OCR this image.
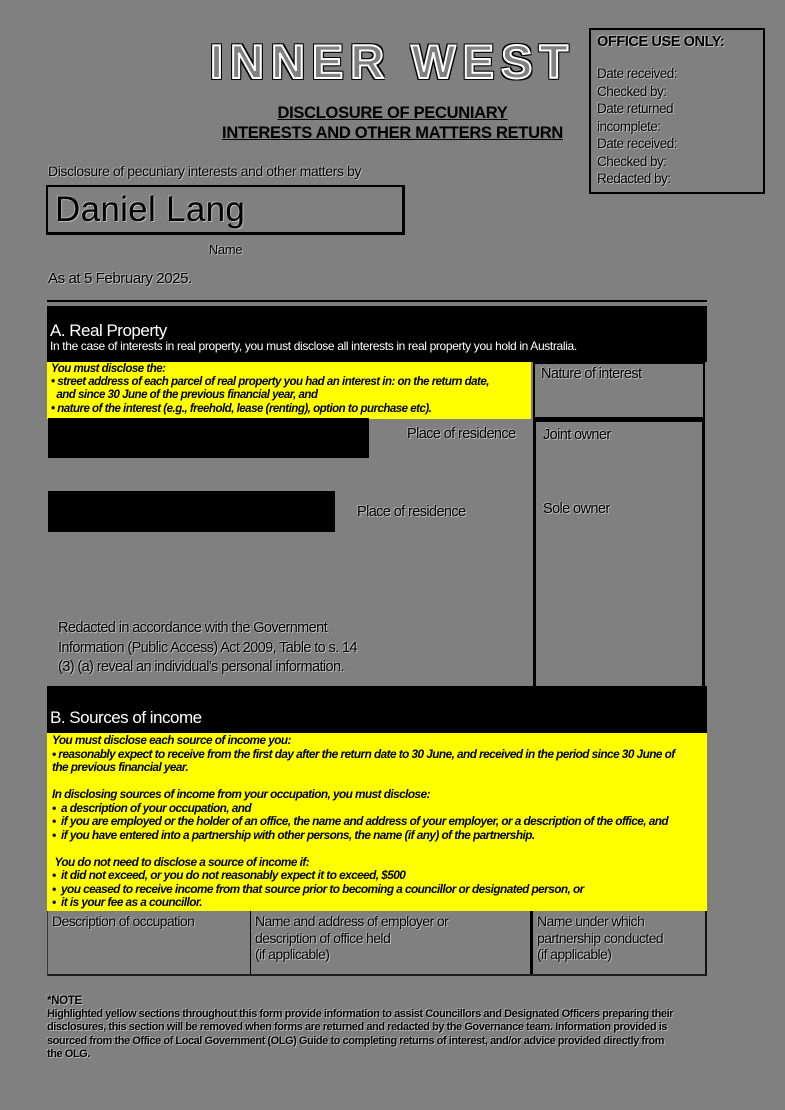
INNER WEST	OFFICE USE ONLY:
Date received:
Checked by:
Date returned
incomplete:
Date received:
Checked by:
Redacted by:
DISCLOSURE OF PECUNIARY
INTERESTS AND OTHER MATTERS RETURN
Disclosure of pecuniary interests and other matters by
Daniel Lang
Name
As at 5 February 2025.
A. Real Property
In the case of interests in real property, you must disclose all interests in real property you hold in Australia.
You must disclose the:
• street address of each parcel of real property you had an interest in: on the return date,
and since 30 June of the previous financial year, and
• nature of the interest (e.g., freehold, lease (renting), option to purchase etc).
Nature of interest
Place of residence
Place of residence
Joint owner
Sole owner
Redacted in accordance with the Government
Information (Public Access) Act 2009, Table to s. 14
(3) (a) reveal an individual's personal information.
B. Sources of income
You must disclose each source of income you:
• reasonably expect to receive from the first day after the return date to 30 June, and received in the period since 30 June of
the previous financial year.

In disclosing sources of income from your occupation, you must disclose:
•  a description of your occupation, and
•  if you are employed or the holder of an office, the name and address of your employer, or a description of the office, and
•  if you have entered into a partnership with other persons, the name (if any) of the partnership.

You do not need to disclose a source of income if:
•  it did not exceed, or you do not reasonably expect it to exceed, $500
•  you ceased to receive income from that source prior to becoming a councillor or designated person, or
•  it is your fee as a councillor.
Description of occupation	Name and address of employer or
description of office held
(if applicable)
Name under which
partnership conducted
(if applicable)
*NOTE
Highlighted yellow sections throughout this form provide information to assist Councillors and Designated Officers preparing their
disclosures, this section will be removed when forms are returned and redacted by the Governance team. Information provided is
sourced from the Office of Local Government (OLG) Guide to completing returns of interest, and/or advice provided directly from
the OLG.
